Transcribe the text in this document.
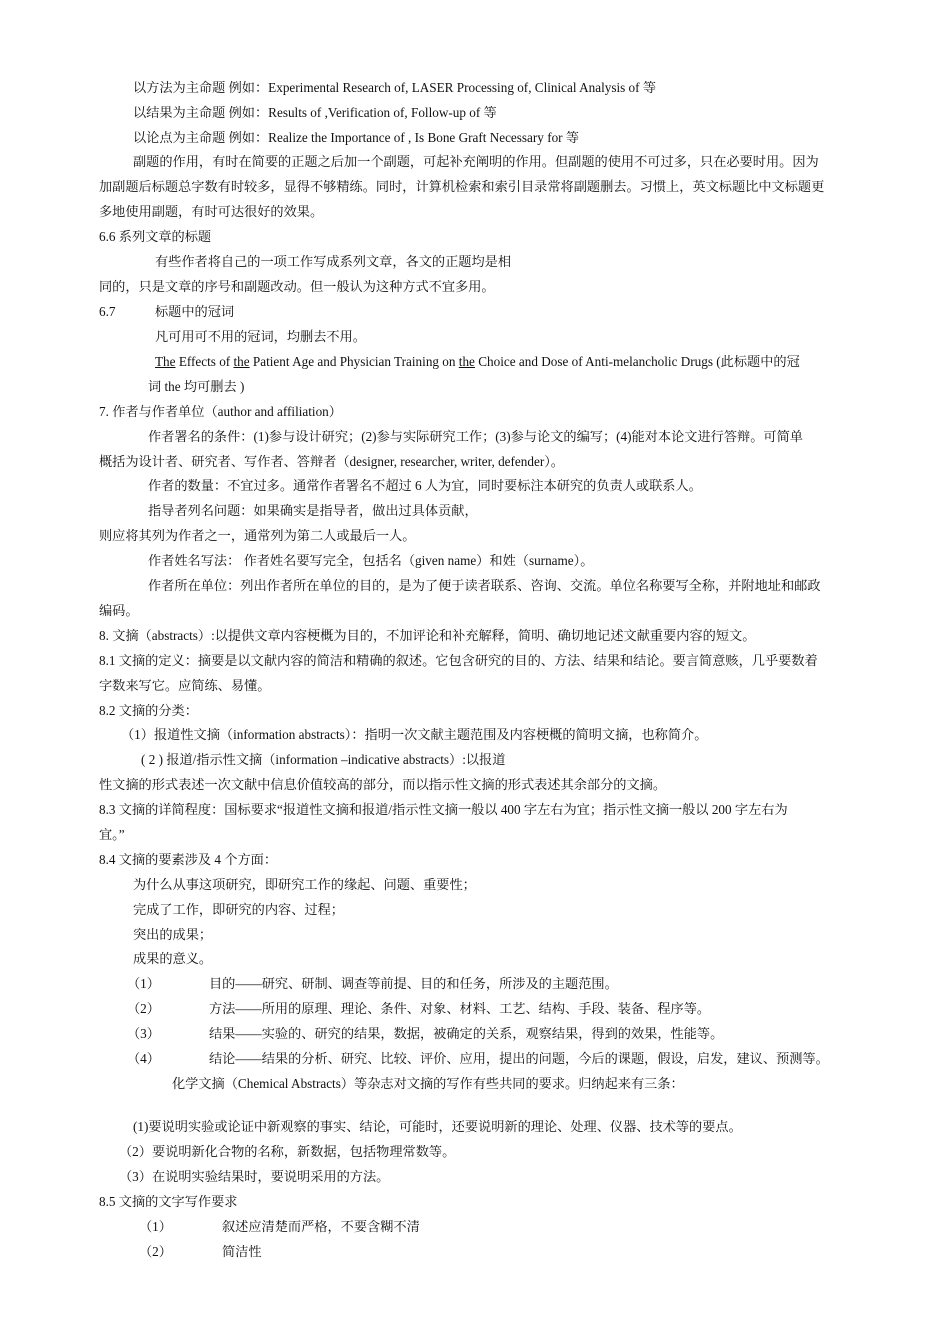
以方法为主命题 例如：Experimental Research of, LASER Processing of, Clinical Analysis of 等
以结果为主命题 例如：Results of ,Verification of, Follow-up of 等
以论点为主命题 例如：Realize the Importance of , Is Bone Graft Necessary for 等
副题的作用，有时在简要的正题之后加一个副题，可起补充阐明的作用。但副题的使用不可过多，只在必要时用。因为
加副题后标题总字数有时较多，显得不够精练。同时，计算机检索和索引目录常将副题删去。习惯上，英文标题比中文标题更
多地使用副题，有时可达很好的效果。
6.6 系列文章的标题
有些作者将自己的一项工作写成系列文章，各文的正题均是相
同的，只是文章的序号和副题改动。但一般认为这种方式不宜多用。
6.7	标题中的冠词
凡可用可不用的冠词，均删去不用。
The Effects of the Patient Age and Physician Training on the Choice and Dose of Anti-melancholic Drugs (此标题中的冠
词 the 均可删去 )
7. 作者与作者单位（author and affiliation）
作者署名的条件：(1)参与设计研究；(2)参与实际研究工作；(3)参与论文的编写；(4)能对本论文进行答辩。可简单
概括为设计者、研究者、写作者、答辩者（designer, researcher, writer, defender）。
作者的数量：不宜过多。通常作者署名不超过 6 人为宜，同时要标注本研究的负责人或联系人。
指导者列名问题：如果确实是指导者，做出过具体贡献，
则应将其列为作者之一，通常列为第二人或最后一人。
作者姓名写法： 作者姓名要写完全，包括名（given name）和姓（surname）。
作者所在单位：列出作者所在单位的目的，是为了便于读者联系、咨询、交流。单位名称要写全称，并附地址和邮政
编码。
8. 文摘（abstracts）:以提供文章内容梗概为目的，不加评论和补充解释，简明、确切地记述文献重要内容的短文。
8.1 文摘的定义：摘要是以文献内容的简洁和精确的叙述。它包含研究的目的、方法、结果和结论。要言简意赅，几乎要数着
字数来写它。应简练、易懂。
8.2 文摘的分类：
（1）报道性文摘（information abstracts）：指明一次文献主题范围及内容梗概的简明文摘，也称简介。
( 2 ) 报道/指示性文摘（information –indicative abstracts）:以报道
性文摘的形式表述一次文献中信息价值较高的部分，而以指示性文摘的形式表述其余部分的文摘。
8.3 文摘的详简程度：国标要求“报道性文摘和报道/指示性文摘一般以 400 字左右为宜；指示性文摘一般以 200 字左右为
宜。”
8.4 文摘的要素涉及 4 个方面：
为什么从事这项研究，即研究工作的缘起、问题、重要性；
完成了工作，即研究的内容、过程；
突出的成果；
成果的意义。
（1）	目的——研究、研制、调查等前提、目的和任务，所涉及的主题范围。
（2）	方法——所用的原理、理论、条件、对象、材料、工艺、结构、手段、装备、程序等。
（3）	结果——实验的、研究的结果，数据，被确定的关系，观察结果，得到的效果，性能等。
（4）	结论——结果的分析、研究、比较、评价、应用，提出的问题，今后的课题，假设，启发，建议、预测等。
化学文摘（Chemical Abstracts）等杂志对文摘的写作有些共同的要求。归纳起来有三条：
(1)要说明实验或论证中新观察的事实、结论，可能时，还要说明新的理论、处理、仪器、技术等的要点。
（2）要说明新化合物的名称，新数据，包括物理常数等。
（3）在说明实验结果时，要说明采用的方法。
8.5 文摘的文字写作要求
（1）	叙述应清楚而严格，不要含糊不清
（2）	简洁性
